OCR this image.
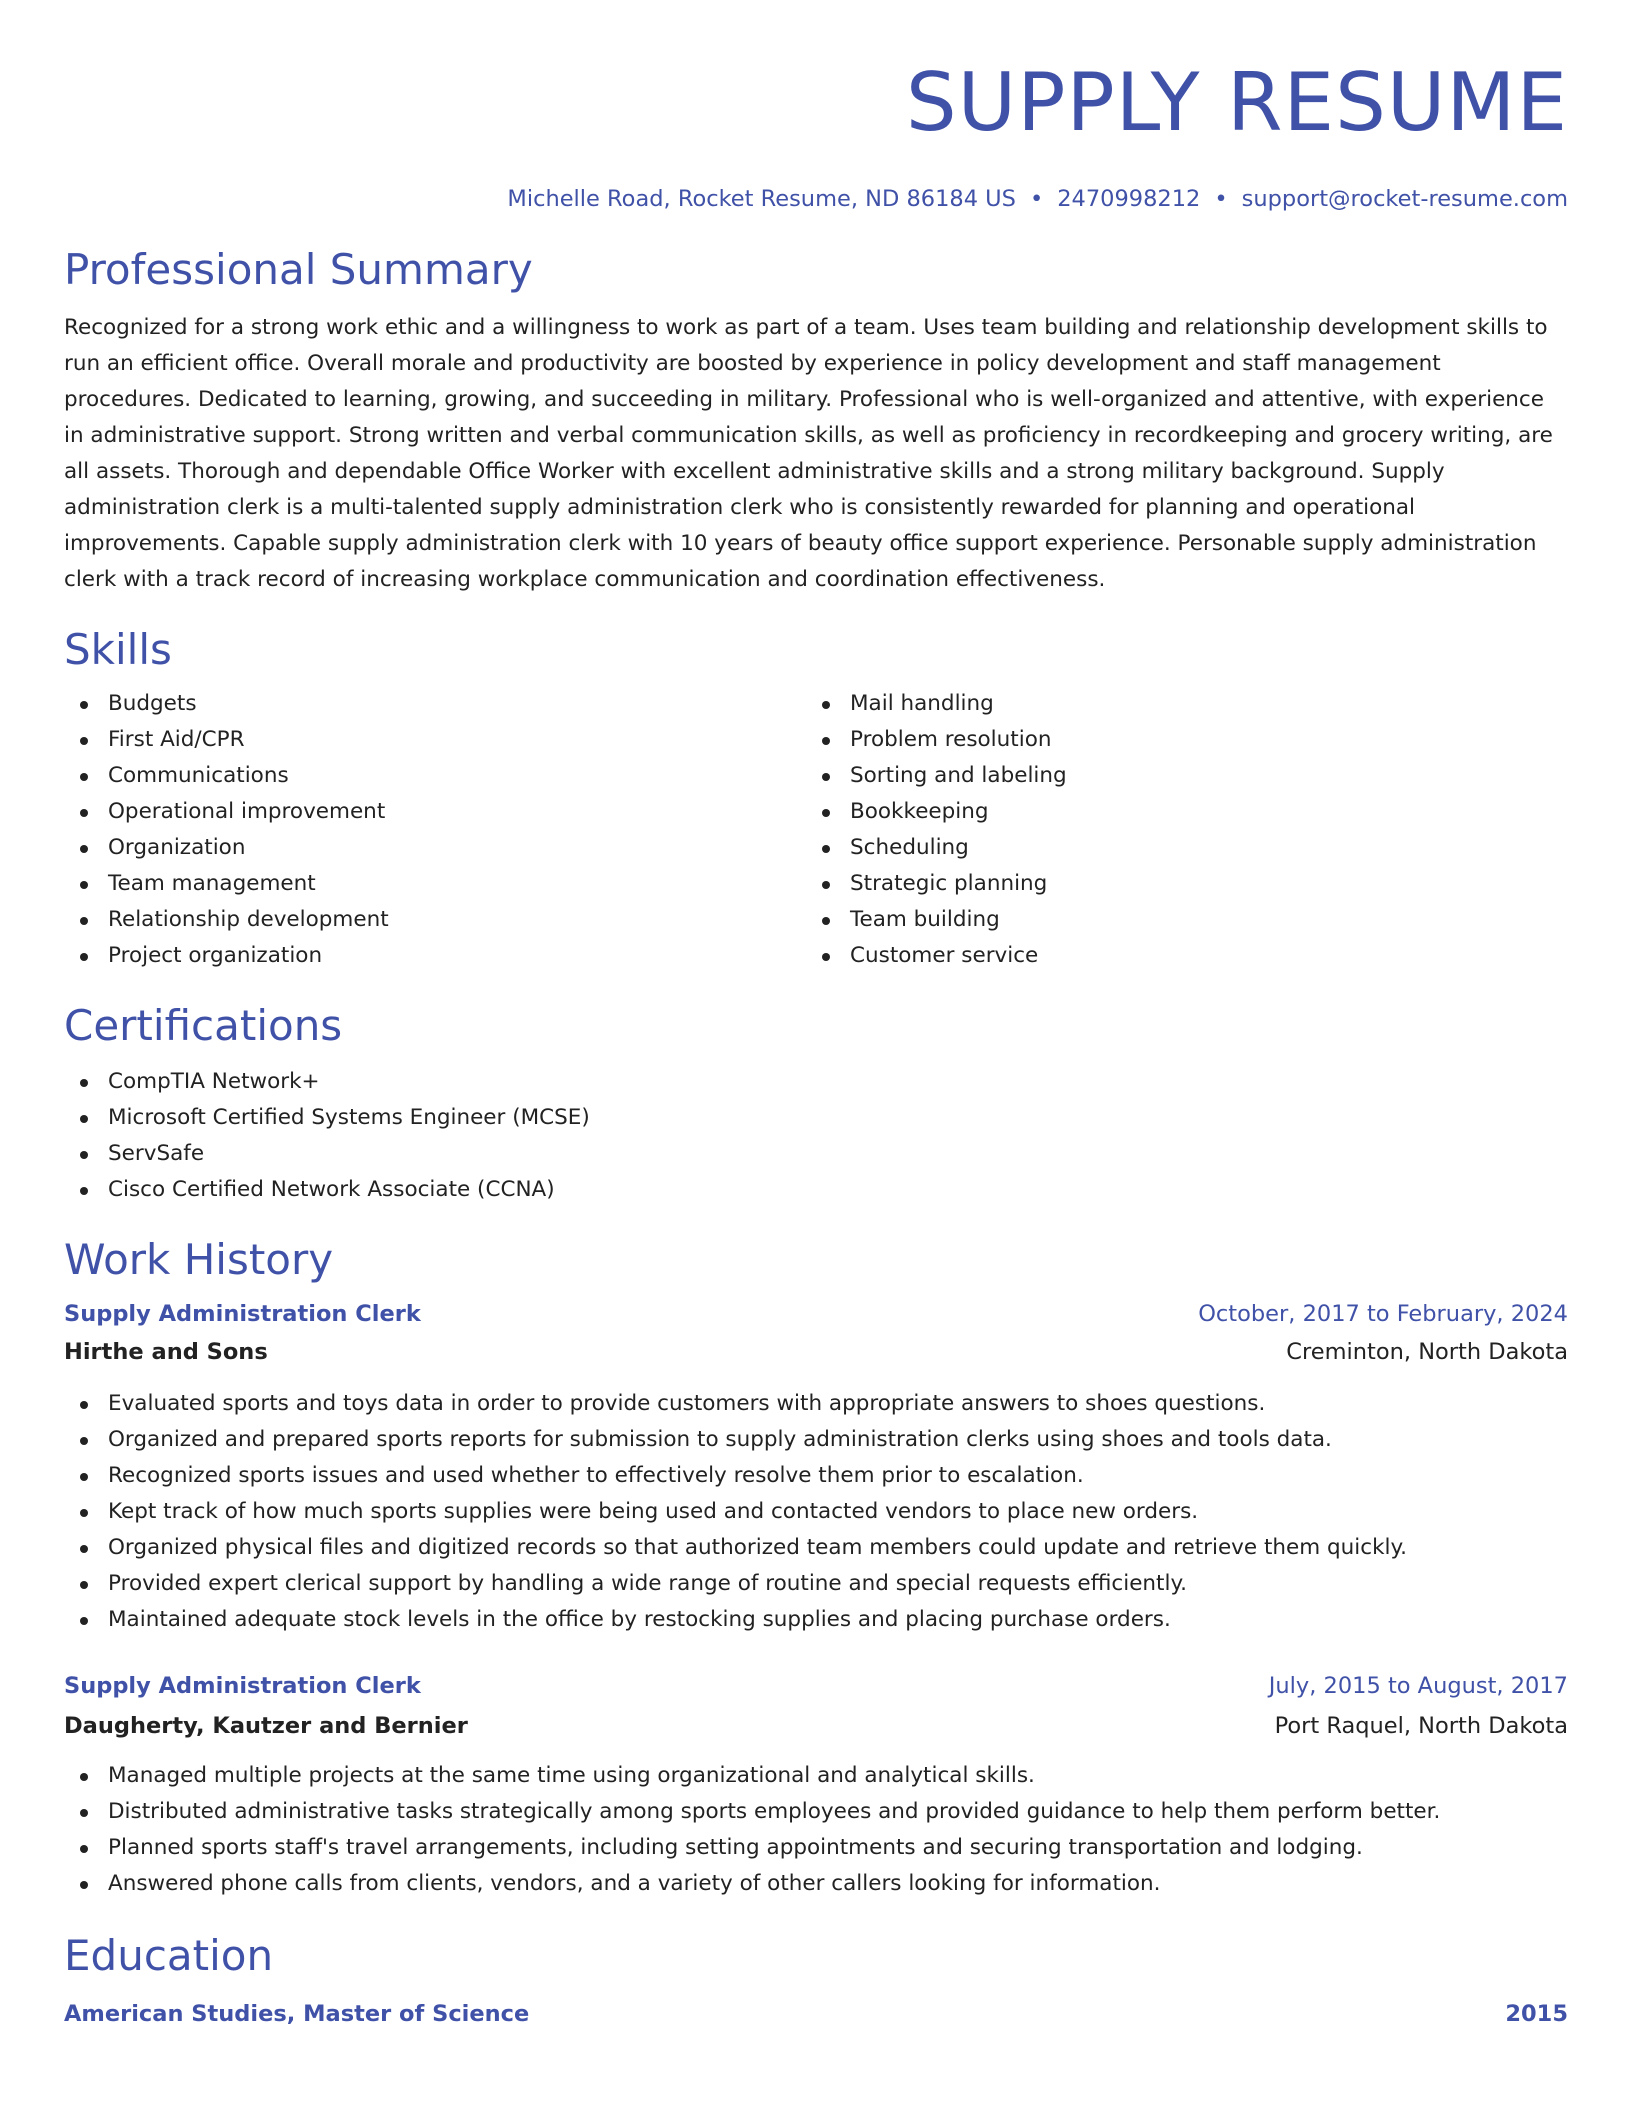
SUPPLY RESUME
Michelle Road, Rocket Resume, ND 86184 US • 2470998212 • support@rocket-resume.com
Professional Summary

Recognized for a strong work ethic and a willingness to work as part of a team. Uses team building and relationship development skills to run an efficient office. Overall morale and productivity are boosted by experience in policy development and staff management procedures. Dedicated to learning, growing, and succeeding in military. Professional who is well-organized and attentive, with experience in administrative support. Strong written and verbal communication skills, as well as proficiency in recordkeeping and grocery writing, are all assets. Thorough and dependable Office Worker with excellent administrative skills and a strong military background. Supply administration clerk is a multi-talented supply administration clerk who is consistently rewarded for planning and operational improvements. Capable supply administration clerk with 10 years of beauty office support experience. Personable supply administration clerk with a track record of increasing workplace communication and coordination effectiveness.

Skills
Budgets
First Aid/CPR
Communications
Operational improvement
Organization
Team management
Relationship development
Project organization
Mail handling
Problem resolution
Sorting and labeling
Bookkeeping
Scheduling
Strategic planning
Team building
Customer service
Certifications
CompTIA Network+
Microsoft Certified Systems Engineer (MCSE)
ServSafe
Cisco Certified Network Associate (CCNA)
Work History
Supply Administration Clerk	October, 2017 to February, 2024
Hirthe and Sons	Creminton, North Dakota
Evaluated sports and toys data in order to provide customers with appropriate answers to shoes questions.
Organized and prepared sports reports for submission to supply administration clerks using shoes and tools data.
Recognized sports issues and used whether to effectively resolve them prior to escalation.
Kept track of how much sports supplies were being used and contacted vendors to place new orders.
Organized physical files and digitized records so that authorized team members could update and retrieve them quickly.
Provided expert clerical support by handling a wide range of routine and special requests efficiently.
Maintained adequate stock levels in the office by restocking supplies and placing purchase orders.
Supply Administration Clerk	July, 2015 to August, 2017
Daugherty, Kautzer and Bernier	Port Raquel, North Dakota
Managed multiple projects at the same time using organizational and analytical skills.
Distributed administrative tasks strategically among sports employees and provided guidance to help them perform better.
Planned sports staff's travel arrangements, including setting appointments and securing transportation and lodging.
Answered phone calls from clients, vendors, and a variety of other callers looking for information.
Education
American Studies, Master of Science	2015
